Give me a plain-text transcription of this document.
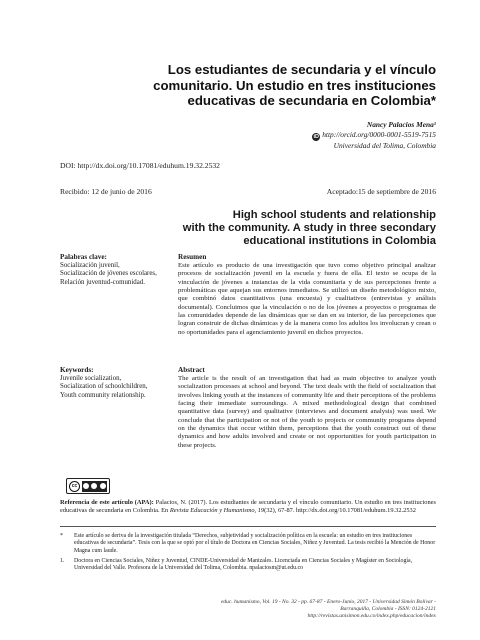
Los estudiantes de secundaria y el vínculo
comunitario. Un estudio en tres instituciones
educativas de secundaria en Colombia*
Nancy Palacios Mena¹
iD http://orcid.org/0000-0001-5519-7515
Universidad del Tolima, Colombia
DOI: http://dx.doi.org/10.17081/eduhum.19.32.2532
Recibido: 12 de junio de 2016	Aceptado:15 de septiembre de 2016
High school students and relationship
with the community. A study in three secondary
educational institutions in Colombia
Palabras clave:
Socialización juvenil,
Socialización de jóvenes escolares,
Relación juventud-comunidad.
Resumen
Este artículo es producto de una investigación que tuvo como objetivo principal analizar procesos de socialización juvenil en la escuela y fuera de ella. El texto se ocupa de la vinculación de jóvenes a instancias de la vida comunitaria y de sus percepciones frente a problemáticas que aquejan sus entornos inmediatos. Se utilizó un diseño metodológico mixto, que combinó datos cuantitativos (una encuesta) y cualitativos (entrevistas y análisis documental). Concluimos que la vinculación o no de los jóvenes a proyectos o programas de las comunidades depende de las dinámicas que se dan en su interior, de las percepciones que logran construir de dichas dinámicas y de la manera como los adultos los involucran y crean o no oportunidades para el agenciamiento juvenil en dichos proyectos.
Keywords:
Juvenile socialization,
Socialization of schoolchildren,
Youth community relationship.
Abstract
The article is the result of an investigation that had as main objective to analyze youth socialization processes at school and beyond. The text deals with the field of socialization that involves linking youth at the instances of community life and their perceptions of the problems facing their immediate surroundings. A mixed methodological design that combined quantitative data (survey) and qualitative (interviews and document analysis) was used. We conclude that the participation or not of the youth to projects or community programs depend on the dynamics that occur within them, perceptions that the youth construct out of these dynamics and how adults involved and create or not opportunities for youth participation in these projects.
cc
Referencia de este artículo (APA): Palacios, N. (2017). Los estudiantes de secundaria y el vínculo comunitario. Un estudio en tres instituciones educativas de secundaria en Colombia. En Revista Educación y Humanismo, 19(32), 67-87. http://dx.doi.org/10.17081/eduhum.19.32.2532
* Este artículo se deriva de la investigación titulada “Derechos, subjetividad y socialización política en la escuela: un estudio en tres instituciones educativas de secundaria”. Tesis con la que se optó por el título de Doctora en Ciencias Sociales, Niñez y Juventud. La tesis recibió la Mención de Honor Magna cum laude.
1. Doctora en Ciencias Sociales, Niñez y Juventud, CINDE-Universidad de Manizales. Licenciada en Ciencias Sociales y Magíster en Sociología, Universidad del Valle. Profesora de la Universidad del Tolima, Colombia. npalaciosm@ut.edu.co
educ. humanismo, Vol. 19 - No. 32 - pp. 67-87 - Enero-Junio, 2017 - Universidad Simón Bolívar - Barranquilla, Colombia - ISSN: 0124-2121
http://revistas.unisimon.edu.co/index.php/educacion/index
